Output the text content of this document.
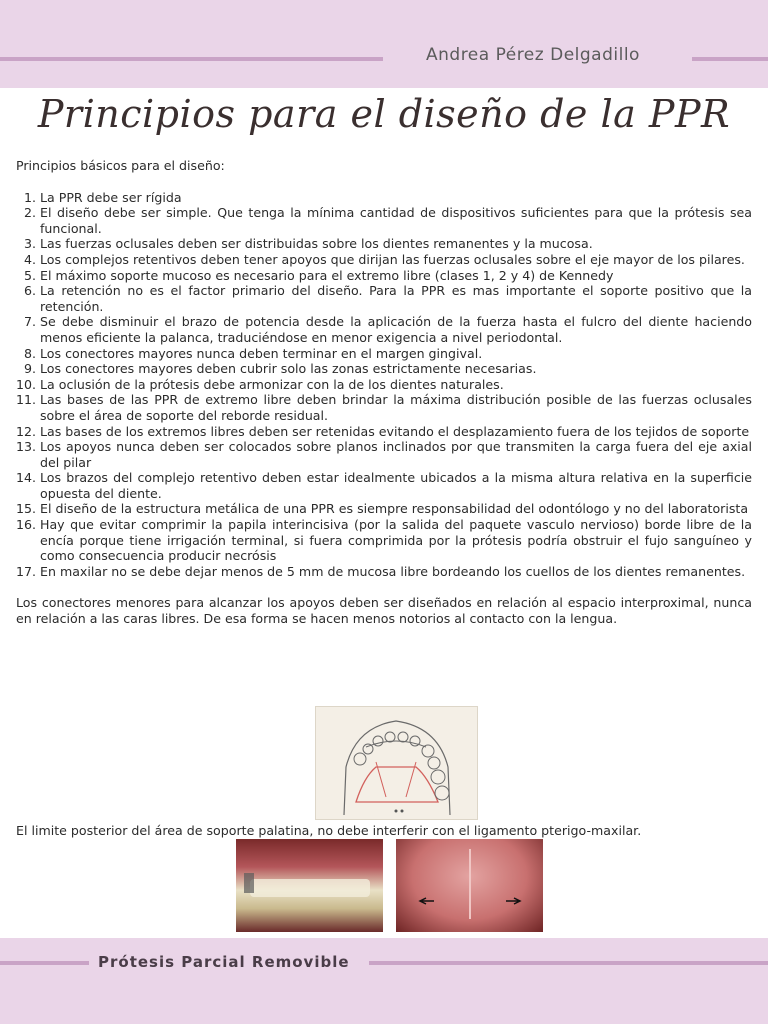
Andrea Pérez Delgadillo
Principios para el diseño de la PPR

Principios básicos para el diseño:

1. La PPR debe ser rígida
2. El diseño debe ser simple. Que tenga la mínima cantidad de dispositivos suficientes para que la prótesis sea funcional.
3. Las fuerzas oclusales deben ser distribuidas sobre los dientes remanentes y la mucosa.
4. Los complejos retentivos deben tener apoyos que dirijan las fuerzas oclusales sobre el eje mayor de los pilares.
5. El máximo soporte mucoso es necesario para el extremo libre (clases 1, 2 y 4) de Kennedy
6. La retención no es el factor primario del diseño. Para la PPR es mas importante el soporte positivo que la retención.
7. Se debe disminuir el brazo de potencia desde la aplicación de la fuerza hasta el fulcro del diente haciendo menos eficiente la palanca, traduciéndose en menor exigencia a nivel periodontal.
8. Los conectores mayores nunca deben terminar en el margen gingival.
9. Los conectores mayores deben cubrir solo las zonas estrictamente necesarias.
10. La oclusión de la prótesis debe armonizar con la de los dientes naturales.
11. Las bases de las PPR de extremo libre deben brindar la máxima distribución posible de las fuerzas oclusales sobre el área de soporte del reborde residual.
12. Las bases de los extremos libres deben ser retenidas evitando el desplazamiento fuera de los tejidos de soporte
13. Los apoyos nunca deben ser colocados sobre planos inclinados por que transmiten la carga fuera del eje axial del pilar
14. Los brazos del complejo retentivo deben estar idealmente ubicados a la misma altura relativa en la superficie opuesta del diente.
15. El diseño de la estructura metálica de una PPR es siempre responsabilidad del odontólogo y no del laboratorista
16. Hay que evitar comprimir la papila interincisiva (por la salida del paquete vasculo nervioso) borde libre de la encía porque tiene irrigación terminal, si fuera comprimida por la prótesis podría obstruir el fujo sanguíneo y como consecuencia producir necrósis
17. En maxilar no se debe dejar menos de 5 mm de mucosa libre bordeando los cuellos de los dientes remanentes.

Los conectores menores para alcanzar los apoyos deben ser diseñados en relación al espacio interproximal, nunca en relación a las caras libres. De esa forma se hacen menos notorios al contacto con la lengua.

El limite posterior del área de soporte palatina, no debe interferir con el ligamento pterigo-maxilar.
Prótesis Parcial Removible
